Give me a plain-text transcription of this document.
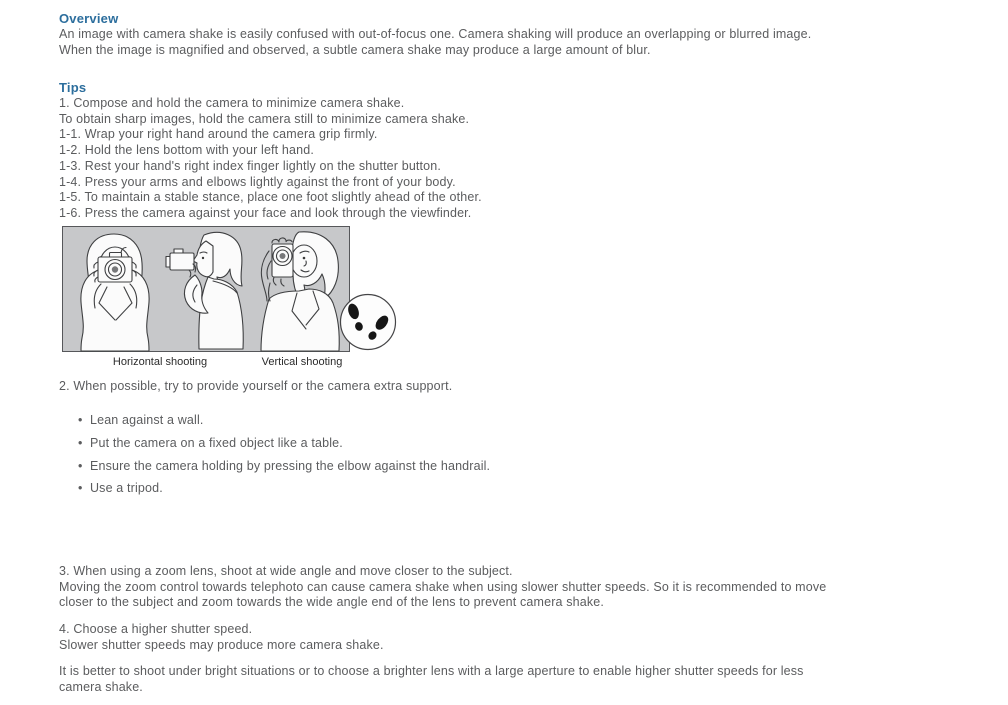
Overview
An image with camera shake is easily confused with out-of-focus one. Camera shaking will produce an overlapping or blurred image.
When the image is magnified and observed, a subtle camera shake may produce a large amount of blur.
Tips
1. Compose and hold the camera to minimize camera shake.
To obtain sharp images, hold the camera still to minimize camera shake.
1-1. Wrap your right hand around the camera grip firmly.
1-2. Hold the lens bottom with your left hand.
1-3. Rest your hand's right index finger lightly on the shutter button.
1-4. Press your arms and elbows lightly against the front of your body.
1-5. To maintain a stable stance, place one foot slightly ahead of the other.
1-6. Press the camera against your face and look through the viewfinder.
Horizontal shooting	Vertical shooting
2. When possible, try to provide yourself or the camera extra support.
• Lean against a wall.
• Put the camera on a fixed object like a table.
• Ensure the camera holding by pressing the elbow against the handrail.
• Use a tripod.
3. When using a zoom lens, shoot at wide angle and move closer to the subject.
Moving the zoom control towards telephoto can cause camera shake when using slower shutter speeds. So it is recommended to move
closer to the subject and zoom towards the wide angle end of the lens to prevent camera shake.
4. Choose a higher shutter speed.
Slower shutter speeds may produce more camera shake.
It is better to shoot under bright situations or to choose a brighter lens with a large aperture to enable higher shutter speeds for less
camera shake.
